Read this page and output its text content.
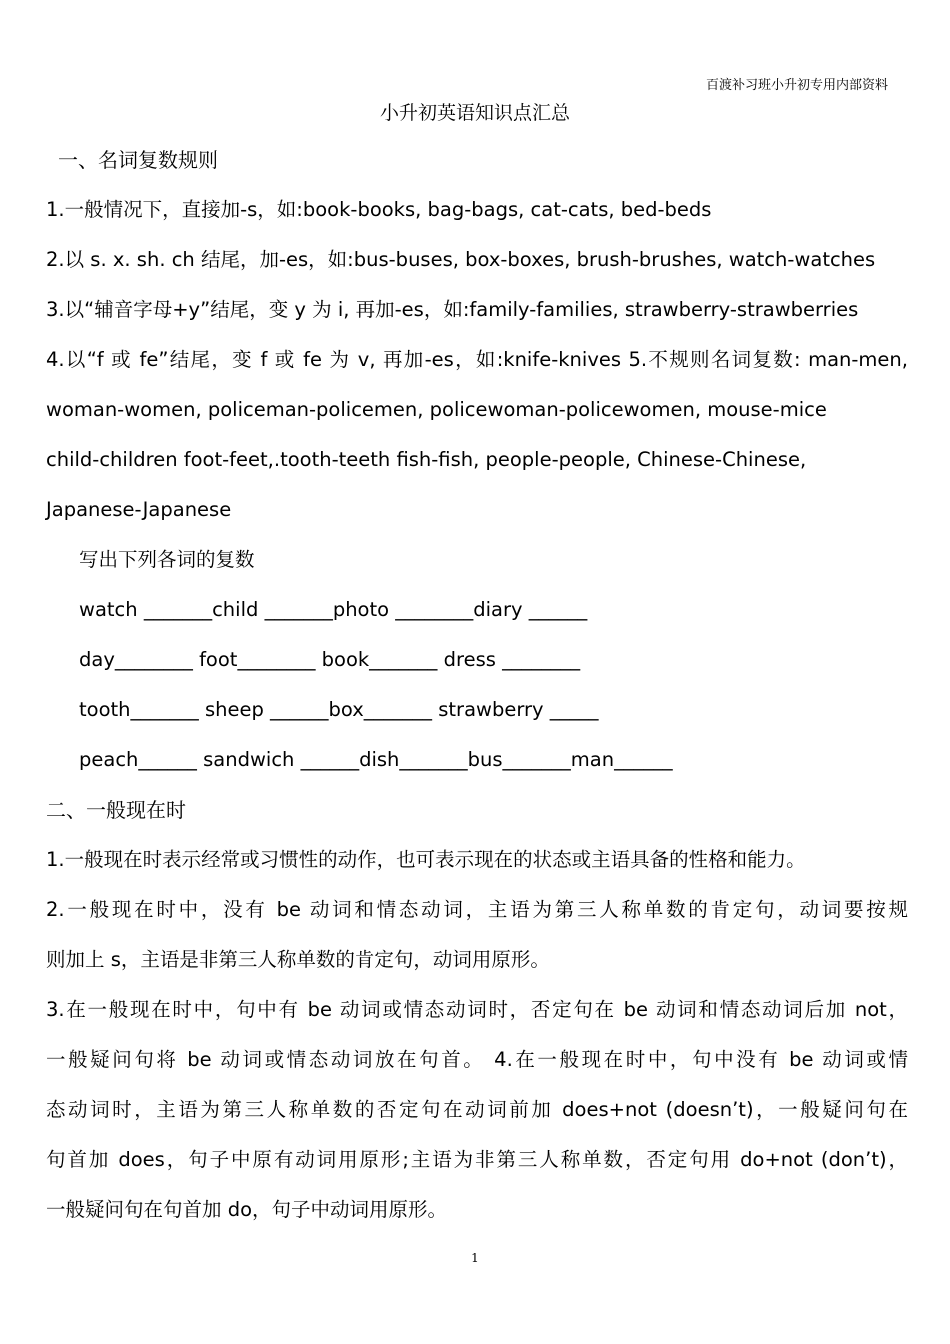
百渡补习班小升初专用内部资料
小升初英语知识点汇总
一、名词复数规则
1.一般情况下，直接加-s，如:book-books, bag-bags, cat-cats, bed-beds
2.以 s. x. sh. ch 结尾，加-es，如:bus-buses, box-boxes, brush-brushes, watch-watches
3.以“辅音字母+y”结尾，变 y 为 i, 再加-es，如:family-families, strawberry-strawberries
4.以“f 或 fe”结尾，变 f 或 fe 为 v, 再加-es，如:knife-knives 5.不规则名词复数: man-men,
woman-women, policeman-policemen, policewoman-policewomen, mouse-mice
child-children foot-feet,.tooth-teeth fish-fish, people-people, Chinese-Chinese,
Japanese-Japanese
写出下列各词的复数
watch _______child _______photo ________diary ______
day________ foot________ book_______ dress ________
tooth_______ sheep ______box_______ strawberry _____
peach______ sandwich ______dish_______bus_______man______
二、一般现在时
1.一般现在时表示经常或习惯性的动作，也可表示现在的状态或主语具备的性格和能力。
2.一般现在时中，没有 be 动词和情态动词，主语为第三人称单数的肯定句，动词要按规
则加上 s，主语是非第三人称单数的肯定句，动词用原形。
3.在一般现在时中，句中有 be 动词或情态动词时，否定句在 be 动词和情态动词后加 not，
一般疑问句将 be 动词或情态动词放在句首。 4.在一般现在时中，句中没有 be 动词或情
态动词时，主语为第三人称单数的否定句在动词前加 does+not (doesn’t)，一般疑问句在
句首加 does，句子中原有动词用原形;主语为非第三人称单数，否定句用 do+not (don’t)，
一般疑问句在句首加 do，句子中动词用原形。
1
